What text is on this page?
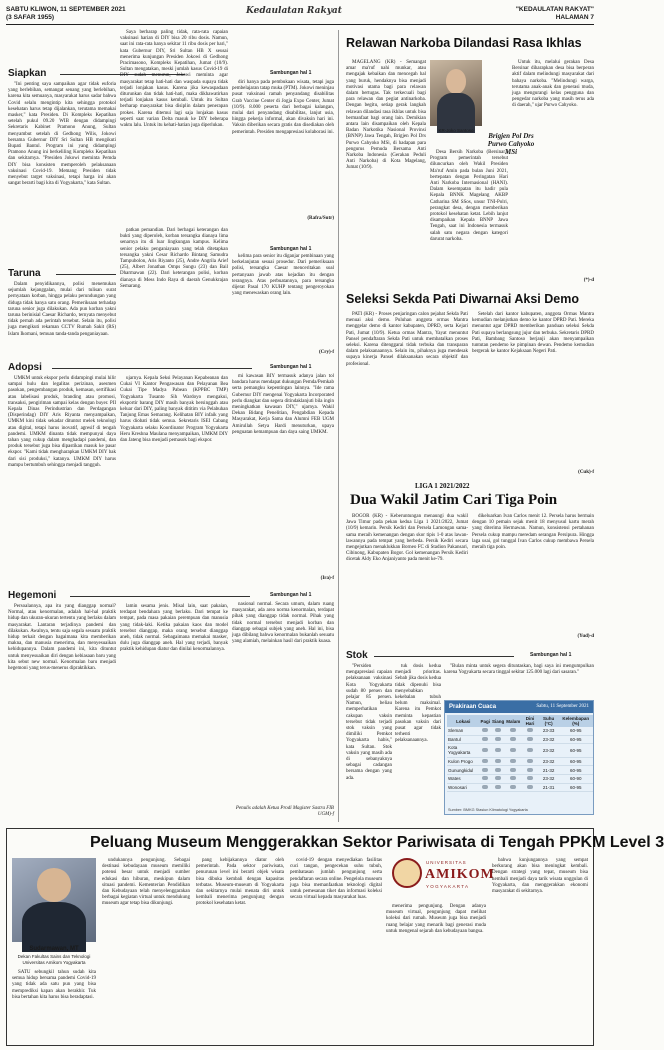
SABTU KLIWON, 11 SEPTEMBER 2021
(3 SAFAR 1955)
Kedaulatan Rakyat	"KEDAULATAN RAKYAT"
HALAMAN 7
Siapkan	Sambungan hal 1

"Ini penting saya sampaikan agar tidak euforia yang berlebihan, semangat senang yang berlebihan, karena kita semuanya, masyarakat harus sadar bahwa Covid selalu mengintip kita sehingga protokol kesehatan harus tetap dijalankan, terutama memakai masker," kata Presiden. Di Kompleks Kepatihan setelah pukul 09.20 WIB dengan didampingi Sekretaris Kabinet Pramono Anung, Sultan menyambut setelah di Gedhong Wilis, Jokowi bersama Gubernur DIY Sri Sultan HB mengikuti Bupati Bantul. Program ini yang didampingi Pramono Anung ini berkeliling Kompleks Kepatihan dan sekitarnya. "Presiden Jokowi meminta Pemda DIY bisa konsisten memperoleh pelaksanaan vaksinasi Covid-19. Memang Presiden tidak menyebut target vaksinasi, tetapi harga ini akan sangat berarti bagi kita di Yogyakarta," kata Sultan.

Saya berharap paling tidak, rata-rata capaian vaksinasi harian di DIY bisa 20 ribu dosis. Namun, saat ini rata-rata hanya sekitar 11 ribu dosis per hari," kata Gubernur DIY, Sri Sultan HB X seusai menerima kunjungan Presiden Jokowi di Gedhong Pracimasono, Kompleks Kepatihan, Jumat (10/9). Sultan mengatakan, meski jumlah kasus Covid-19 di DIY sudah menurun, Jokowi meminta agar masyarakat tetap hati-hati dan waspada supaya tidak terjadi lonjakan kasus. Karena jika kewaspadaan diturunkan dan tidak hati-hati, maka dikhawatirkan terjadi lonjakan kasus kembali. Untuk itu Sultan berharap masyarakat bisa disiplin dalam penerapan prokes. Karena ditemui lagi saja lonjakan kasus seperti saat varian Delta masuk ke DIY beberapa waktu lalu. Untuk itu kehati-hatian juga diperlukan.

diri hanya pada pembukaan wisata, tetapi juga pembelajaran tatap muka (PTM). Jokowi meninjau pusat vaksinasi ramah penyandang disabilitas Grab Vaccine Center di Jogja Expo Center, Jumat (10/9). 8.000 peserta dari berbagai kalangan, mulai dari penyandang disabilitas, lanjut usia, hingga pekerja informal, akan divaksin hari ini. Vaksin diberikan secara gratis dan disediakan oleh pemerintah. Presiden mengapresiasi kolaborasi ini.

(Rafra/Sutr)
Taruna
Sambungan hal 1

Dalam penyidikannya, polisi menemukan sejumlah kejanggalan, mulai dari tulisan surat pernyataan korban, hingga pelaku perundungan yang diduga tidak hanya satu orang. Pemeriksaan terhadap taruna senior juga dilakukan. Ada pun korban yakni taruna berinisial Caesar Richardo, ternyata menyebut tidak pernah ada perintah tersebut. Selain itu, polisi juga mengikuti rekaman CCTV Rumah Sakit (RS) Islam Ikomani, temuan tanda-tanda penganiayaan.

patkan pemandian. Dari berbagai keterangan dan bukti yang diperoleh, korban tersangka dianaya lima senarnya itu di luar lingkungan kampus. Kelima senior pelaku penganiayaan yang telah ditetapkan tersangka yakni Cesar Richardo Bintang Samudra Tampubolon, Aris Riyanto (25), Andre Angrila Arief (25), Albert Jonathan Omps Sungu (23) dan Bail Dharmawan (22). Dari keterangan polisi, korban dianaya di Mess Indo Raya di daerah Genukkrajan Semarang.

kelima para senior itu diganjar pembinaan yang berkelanjutan sesuai prosedur. Dari pemeriksaan polisi, tersangka Caesar menceritakan soal pertanyaan jawab atas kejadian itu dengan terangnya. Atas perbuatannya, para tersangka dijerat Pasal 170 KUHP tentang pengeroyokan yang menewaskan orang lain.

(Cry)-f
Adopsi	Sambungan hal 1

UMKM untuk ekspor perlu didampingi mulai hilir sampai hulu dan legalitas perizinan, asesmen pasokan, pengembangan produk, kemasan, sertifikasi atau labelisasi produk, branding atau promosi, transaksi, pengiriman sampai kelas dengan buyer. PII Kepala Dinas Perindustrian dan Perdagangan (Disperindag) DIY Aris Riyanta menyampaikan, UMKM kini tidak sekadar dituntut melek teknologi atau digital, tetapi harus inovatif, agresif di tengah pandemi. UMKM dinanta tidak mempunyai daya tahan yang cukup dalam menghadapi pandemi, dan produk tersebut juga bisa dipastikan masuk ke pasar ekspor. "Kami tidak mengharapkan UMKM DIY bak dari sisi produksi," katanya. UMKM DIY harus mampu bertumbuh sehingga menjadi tangguh.

ujarnya. Kepala Seksi Pelayanan Kepabeanan dan Cukai VI Kantor Pengawasan dan Pelayanan Bea Cukai Tipe Madya Pabean (KPPBC TMP) Yogyakarta Tusanto Sih Wardoyo mengakui, eksportir barang DIY masih banyak bersinggah atau keluar dari DIY, paling banyak dititim via Pelabuhan Tanjung Emas Semarang. Kelihatan BIY infaik yang harus diobati tidak semua. Sekretaris ISEI Cabang Yogyakarta selaku Koordinator Program Yogyakarta Heru Kreshna Maulana menyampaikan, UMKM DIY dan Jateng bisa menjadi pemasok bagi ekspor.

mi kawasan BIY termasuk adanya jalan tol bandara harus mendapat dukungan Pemda/Pemkab serta pemangku kepentingan lainnya. "Ide rama Gubernur DIY mengenai Yogyakarta Incorporated perlu diangkat dan segera ditindaklanjuti bila ingin meningkatkan kawasan DIY," ujarnya. Wakil Dekan Bidang Penelitian, Pengabdian Kepada Masyarakat, Kerja Sama dan Alumni FEB UGM Amirullah Setya Hardi menuturkan, upaya penguatan kemampuan dan daya saing UMKM.

(Ira)-f
Hegemoni	Sambungan hal 1

Persoalannya, apa itu yang dianggap normal? Normal, atau kenormalan, adalah hal-hal praktik hidup dan ukuran-ukuran tertentu yang berlaku dalam masyarakat. Lantaran terjadinya pandemi dan dilakukan. Awalnya, tentu saja segala sesuatu praktik hidup terkait dengan bagaimana kita memberikan makna, dan manusia menerima, dan menyesuaikan kehidupannya. Dalam pandemi ini, kita dituntut untuk menyesuaikan diri dengan kebiasaan baru yang kita sebut new normal. Kenormalan baru menjadi hegemoni yang terus-menerus dipraktikkan.

lamin sesama jenis. Misal lain, saat pakaian, terdapat bendahara yang berlaku. Dari tempat ke tempat, pada masa pakaian perempuan dan manusia yang tidak-laki. Ketika pakaian kaos dan model tersebut dianggap, maka orang tersebut dianggap aneh, tidak normal. Sebagaimana memakai masker, dulu juga dianggap aneh. Hal yang terjadi, banyak praktik kehidupan diatur dan dinilai kenormalannya.

nasional normal. Secara umum, dalam ruang masyarakat, ada area norma kenormalan, terdapat pihak yang dianggap tidak normal. Pihak yang tidak normal tersebut menjadi korban dan dianggap sebagai subjek yang aneh. Hal ini, bisa juga dibilang bahwa kenormalan bukanlah sesuatu yang alamiah, melainkan hasil dari praktik kuasa.

Penulis adalah Ketua Prodi Magister Sastra FIB UGM)-f
Relawan Narkoba Dilandasi Rasa Ikhlas

MAGELANG (KR) - Semangat amar ma'ruf nahi munkar, atau mengajak kebaikan dan mencegah hal yang buruk, hendaknya bisa menjadi motivasi utama bagi para relawan dalam bertugas. Tak terkecuali bagi para relawan dan pegiat antinarkoba. Dengan begitu, setiap gerak langkah relawan dilandasi rasa ikhlas untuk bisa bermanfaat bagi orang lain. Demikian antara lain disampaikan oleh Kepala Badan Narkotika Nasional Provinsi (BNNP) Jawa Tengah, Brigjen Pol Drs Purwo Cahyoko MSi, di hadapan para pengurus Pemuda Bersama Anti Narkoba Indonesia (Gerakan Peduli Anti Narkoba) di Kota Magelang, Jumat (10/9).

KR-Joko Santoso
Brigjen Pol Drs
Purwo Cahyoko MSi

Desa Bersih Narkoba (Bersinar). Program pemerintah tersebut diluncurkan oleh Wakil Presiden Ma'ruf Amin pada bulan Juni 2021, bertepatan dengan Peringatan Hari Anti Narkoba Internasional (HANI). Dalam kesempatan itu hadir pula Kepala BNNK Magelang AKBP Catharina SM SSos, unsur TNI-Polri, perangkat desa, dengan memberikan protokol kesehatan ketat. Lebih lanjut disampaikan Kepala BNNP Jawa Tengah, saat ini Indonesia termasuk salah satu negara dengan kategori darurat narkoba.

Untuk itu, melalui gerakan Desa Bersinar diharapkan desa bisa berperan aktif dalam melindungi masyarakat dari bahaya narkoba. "Melindungi warga, terutama anak-anak dan generasi muda, juga mengurangi kelas pengguna dan pengedar narkoba yang masih terus ada di daerah," ujar Purwo Cahyoko.

(*)-d
Seleksi Sekda Pati Diwarnai Aksi Demo

PATI (KR) - Proses penjaringan calon pejabat Sekda Pati menuai aksi demo. Puluhan anggota ormas Mantra menggelar demo di kantor kabupaten, DPRD, serta Kejari Pati, Jumat (10/9). Ketua ormas Mantra, Yayat menuntut Pansel pendaftaran Sekda Pati untuk membatalkan proses seleksi. Karena ditenggarai tidak terbuka dan transparan dalam pelaksanaannya. Selain itu, pihaknya juga mendesak supaya kinerja Pansel dilaksanakan secara objektif dan profesional.

Setelah dari kantor kabupaten, anggota Ormas Mantra kemudian melanjutkan demo ke kantor DPRD Pati. Mereka menuntut agar DPRD memberikan panduan seleksi Sekda Pati supaya berlangsung jujur dan terbuka. Sekretaris DPRD Pati, Bambang Santoso berjanji akan menyampaikan tuntutan pendemo ke pimpinan dewan. Pendemo kemudian bergerak ke kantor Kejaksaan Negeri Pati.

(Cuk)-f
LIGA 1 2021/2022
Dua Wakil Jatim Cari Tiga Poin

BOGOR (KR) - Keberuntungan menaungi dua wakil Jawa Timur pada pekan kedua Liga 1 2021/2022, Jumat (10/9) kemarin. Persik Kediri dan Persela Lamongan sama-sama meraih kemenangan dengan skor tipis 1-0 atas lawan-lawannya pada tempat yang berbeda. Persik Kediri secara mengejutkan menaklukkan Borneo FC di Stadion Pakansari, Cibinong, Kabupaten Bogor. Gol kemenangan Persik Kediri dicetak Aldy Eko Anjaniyanto pada menit ke-79.

dikeluarkan Ivan Carlos menit 12. Persela harus bermain dengan 10 pemain sejak menit 18 menyusul kartu merah yang diterima Hermawan. Namun, konsistensi pertahanan Persela cukup mampu meredam serangan Persipura. Hingga laga usai, gol tunggal Ivan Carlos cukup membawa Persela meraih tiga poin.

(Yud)-d
Stok	Sambungan hal 1

"Persiden mengapresiasi capaian pelaksanaan vaksinasi Kota Yogyakarta sudah 80 persen dan pelajar 85 persen. Namun, beliau memperhatikan cakupan vaksin tersebut tidak terjadi stok vaksin yang dimiliki Pemkot Yogyakarta habis," kata Sultan. Stok vaksin yang masih ada di sebanyaknya sebagai cadangan bersama dengan yang ada.

tuk dosis kedua menjadi prioritas. Sebab jika dosis kedua tidak dipenuhi bisa menyebabkan kekebalan tubuh belum maksimal. Karena itu Pemkot meminta kepastian pasokan vaksin dari pusat agar tidak terhenti pelaksanaannya.

"Bulan minta untuk segera dituntaskan, bagi saya ini mengumpulkan karena Yogyakarta secara tinggal sekitar 125.000 lagi dari sasaran."

Prakiraan Cuaca	Sabtu, 11 September 2021
Lokasi	Pagi	Siang	Malam	Dini Hari	Suhu (°C)	Kelembapan (%)
Sleman					23-33	60-95
Bantul					23-32	60-95
Kota Yogyakarta					23-32	60-95
Kulon Progo					23-32	60-95
Gunungkidul					21-32	60-95
Wates					23-32	60-90
Wonosari					21-31	60-95
Sumber: BMKG Stasiun Klimatologi Yogyakarta
Peluang Museum Menggerakkan Sektor Pariwisata di Tengah PPKM Level 3
Sudarmawan, MT
Dekan Fakultas Sains dan Teknologi
Universitas Amikom Yogyakarta

SATU sebungkil tahun sudah kita semua hidup bersama pandemi Covid-19 yang tidak ada satu pun yang bisa memprediksi kapan akan berakhir. Tuk bisa bertahan kita harus bisa beradaptasi.

undukannya pengunjung. Sebagai destinasi kebudayaan museum memiliki potensi besar untuk menjadi sumber edukasi dan hiburan, meskipun dalam situasi pandemi. Kementerian Pendidikan dan Kebudayaan telah menyelenggarakan berbagai kegiatan virtual untuk mendukung museum agar tetap bisa dikunjungi.

pang kebijakannya diatur oleh pemerintah. Pada sektor pariwisata, penurunan level ini berarti objek wisata bisa dibuka kembali dengan kapasitas terbatas. Museum-museum di Yogyakarta dan sekitarnya mulai menata diri untuk kembali menerima pengunjung dengan protokol kesehatan ketat.

covid-19 dengan menyediakan fasilitas cuci tangan, pengecekan suhu tubuh, pembatasan jumlah pengunjung serta pendaftaran secara online. Pengelola museum juga bisa memanfaatkan teknologi digital untuk pemesanan tiket dan informasi koleksi secara virtual kepada masyarakat luas.

UNIVERSITAS
AMIKOM
YOGYAKARTA

menerima pengunjung. Dengan adanya museum virtual, pengunjung dapat melihat koleksi dari rumah. Museum juga bisa menjadi ruang belajar yang menarik bagi generasi muda untuk mengenal sejarah dan kebudayaan bangsa.

bahwa kunjungannya yang sempat berkurang akan bisa meningkat kembali. Dengan strategi yang tepat, museum bisa kembali menjadi daya tarik wisata unggulan di Yogyakarta, dan menggerakkan ekonomi masyarakat di sekitarnya.
